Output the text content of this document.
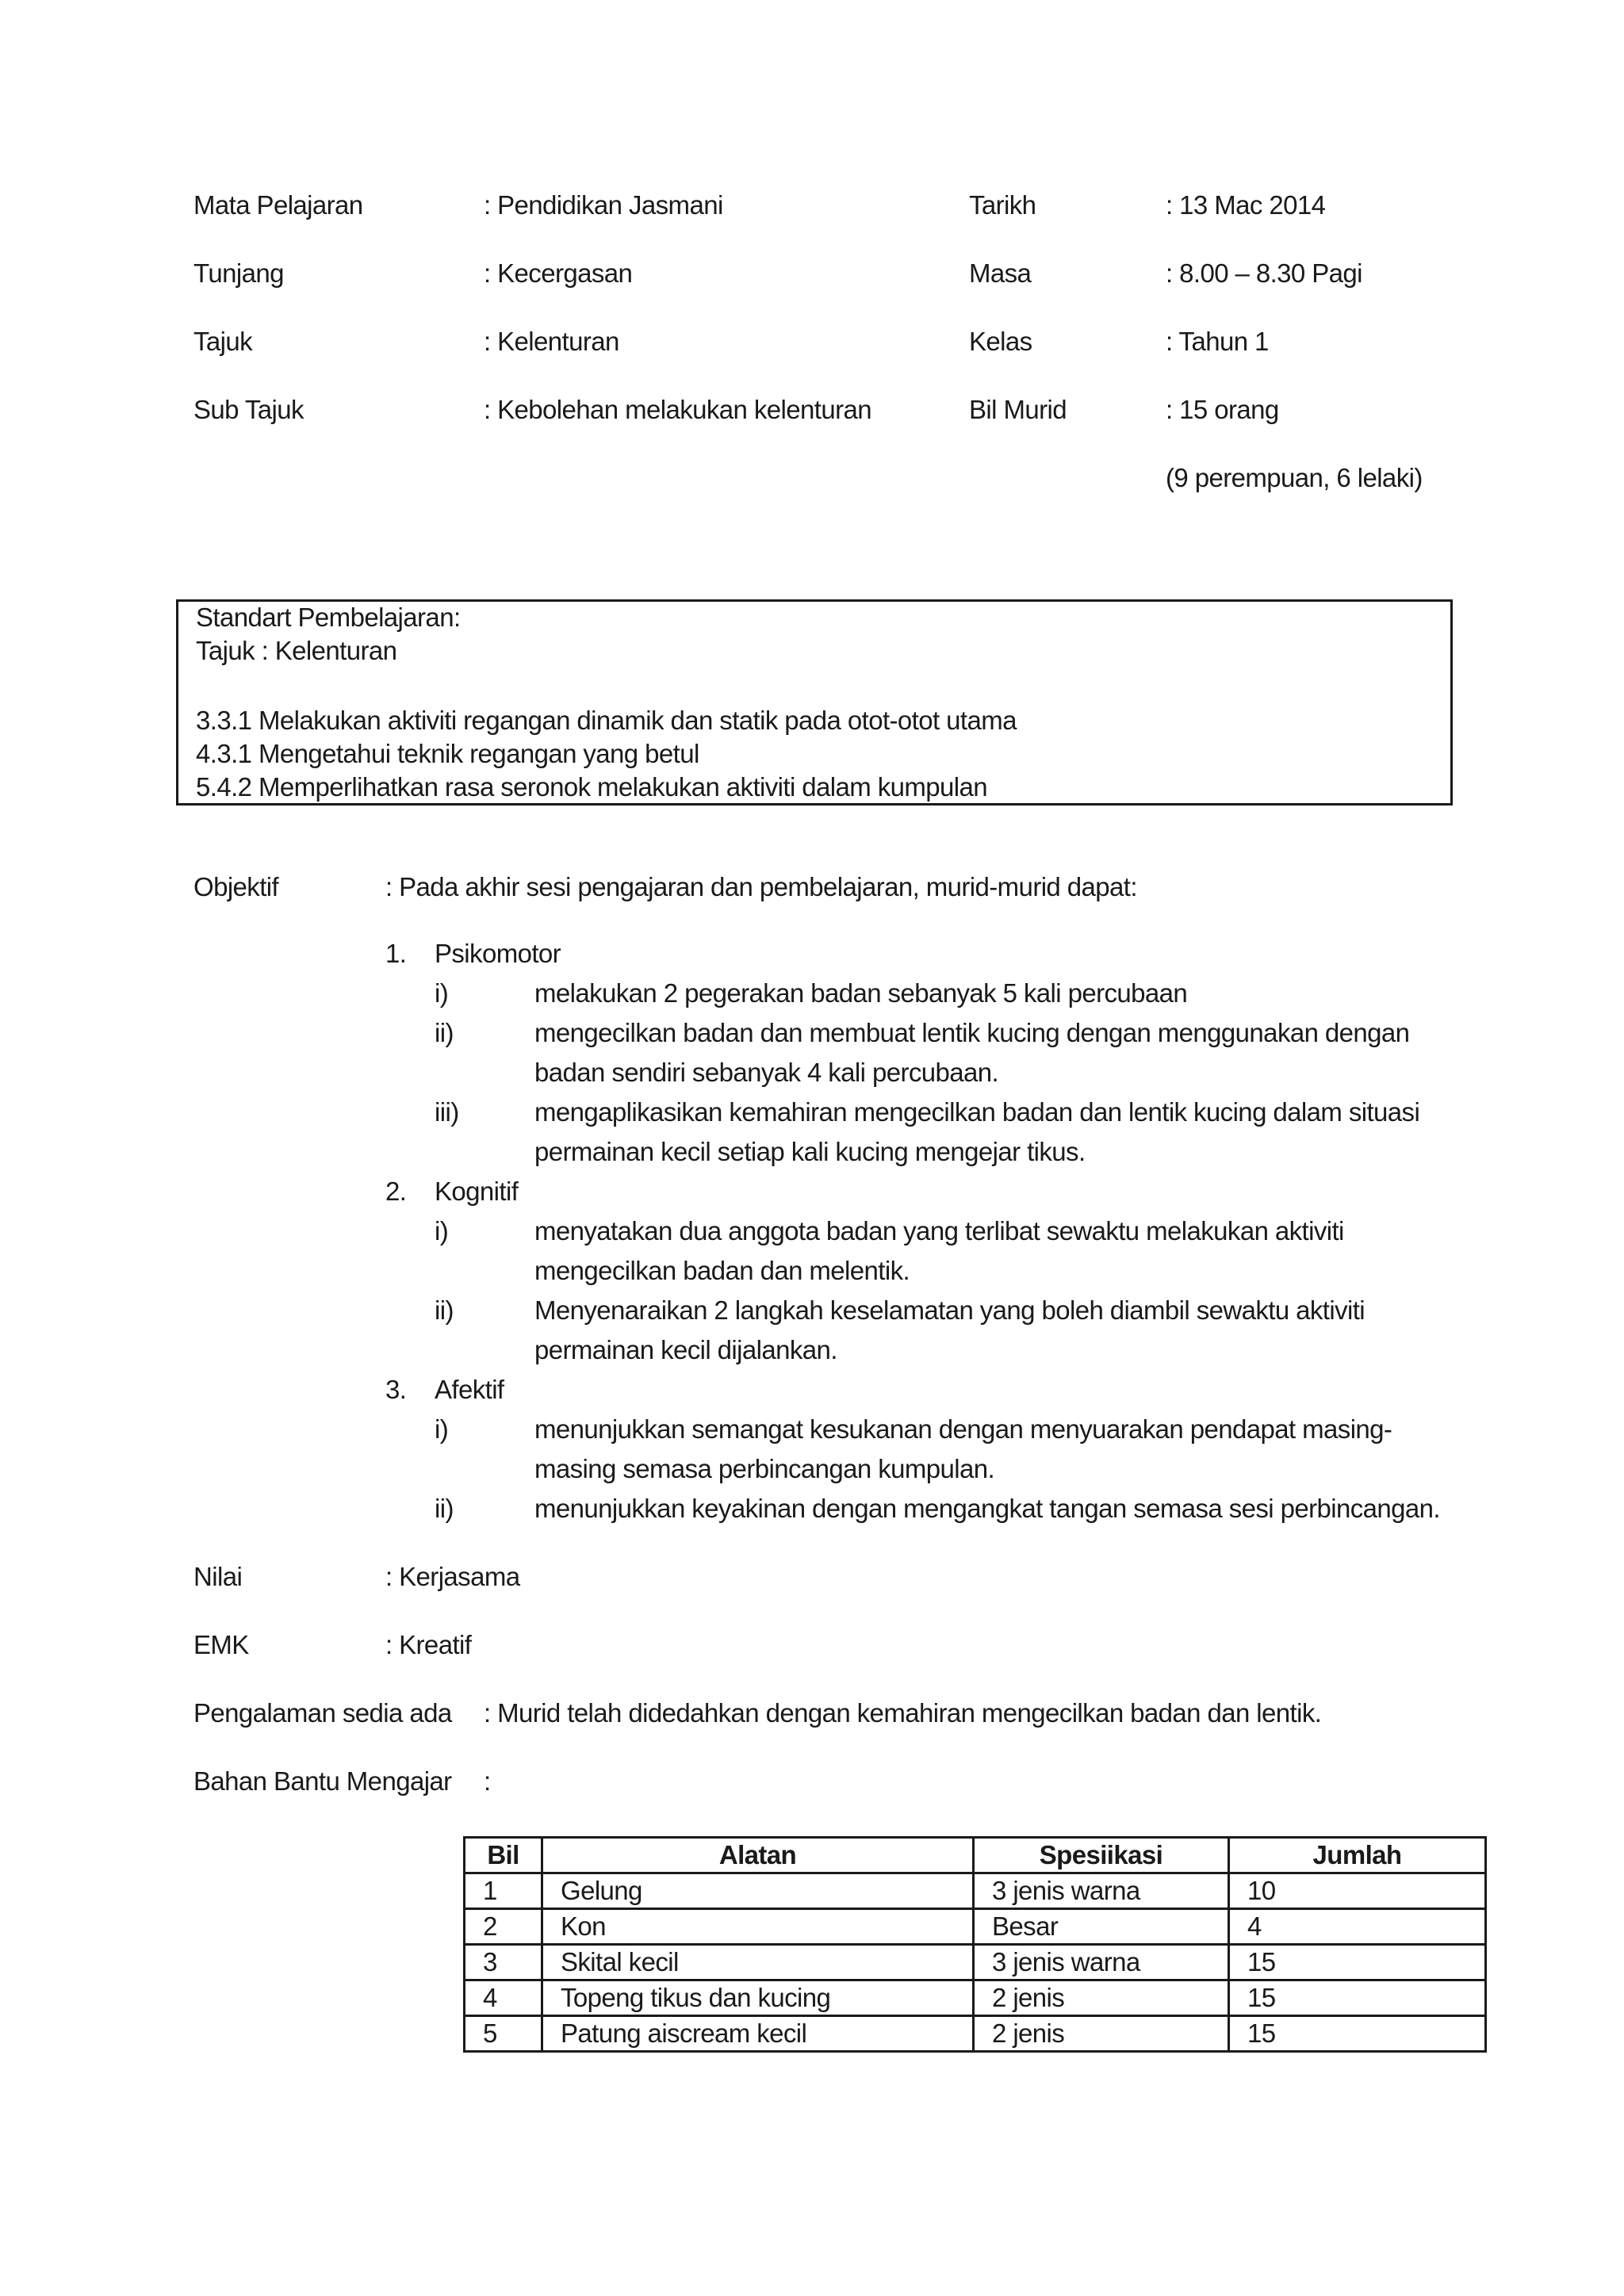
Mata Pelajaran	: Pendidikan Jasmani	Tarikh	: 13 Mac 2014
Tunjang	: Kecergasan	Masa	: 8.00 – 8.30 Pagi
Tajuk	: Kelenturan	Kelas	: Tahun 1
Sub Tajuk	: Kebolehan melakukan kelenturan	Bil Murid	: 15 orang
(9 perempuan, 6 lelaki)
Standart Pembelajaran:
Tajuk : Kelenturan
3.3.1 Melakukan aktiviti regangan dinamik dan statik pada otot-otot utama
4.3.1 Mengetahui teknik regangan yang betul
5.4.2 Memperlihatkan rasa seronok melakukan aktiviti dalam kumpulan
Objektif	: Pada akhir sesi pengajaran dan pembelajaran, murid-murid dapat:
1. Psikomotor
i)	melakukan 2 pegerakan badan sebanyak 5 kali percubaan
ii)	mengecilkan badan dan membuat lentik kucing dengan menggunakan dengan
badan sendiri sebanyak 4 kali percubaan.
iii)	mengaplikasikan kemahiran mengecilkan badan dan lentik kucing dalam situasi
permainan kecil setiap kali kucing mengejar tikus.
2. Kognitif
i)	menyatakan dua anggota badan yang terlibat sewaktu melakukan aktiviti
mengecilkan badan dan melentik.
ii)	Menyenaraikan 2 langkah keselamatan yang boleh diambil sewaktu aktiviti
permainan kecil dijalankan.
3. Afektif
i)	menunjukkan semangat kesukanan dengan menyuarakan pendapat masing-
masing semasa perbincangan kumpulan.
ii)	menunjukkan keyakinan dengan mengangkat tangan semasa sesi perbincangan.
Nilai	: Kerjasama
EMK	: Kreatif
Pengalaman sedia ada : Murid telah didedahkan dengan kemahiran mengecilkan badan dan lentik.
Bahan Bantu Mengajar :
Bil	Alatan	Spesiikasi	Jumlah
1	Gelung	3 jenis warna	10
2	Kon	Besar	4
3	Skital kecil	3 jenis warna	15
4	Topeng tikus dan kucing	2 jenis	15
5	Patung aiscream kecil	2 jenis	15
